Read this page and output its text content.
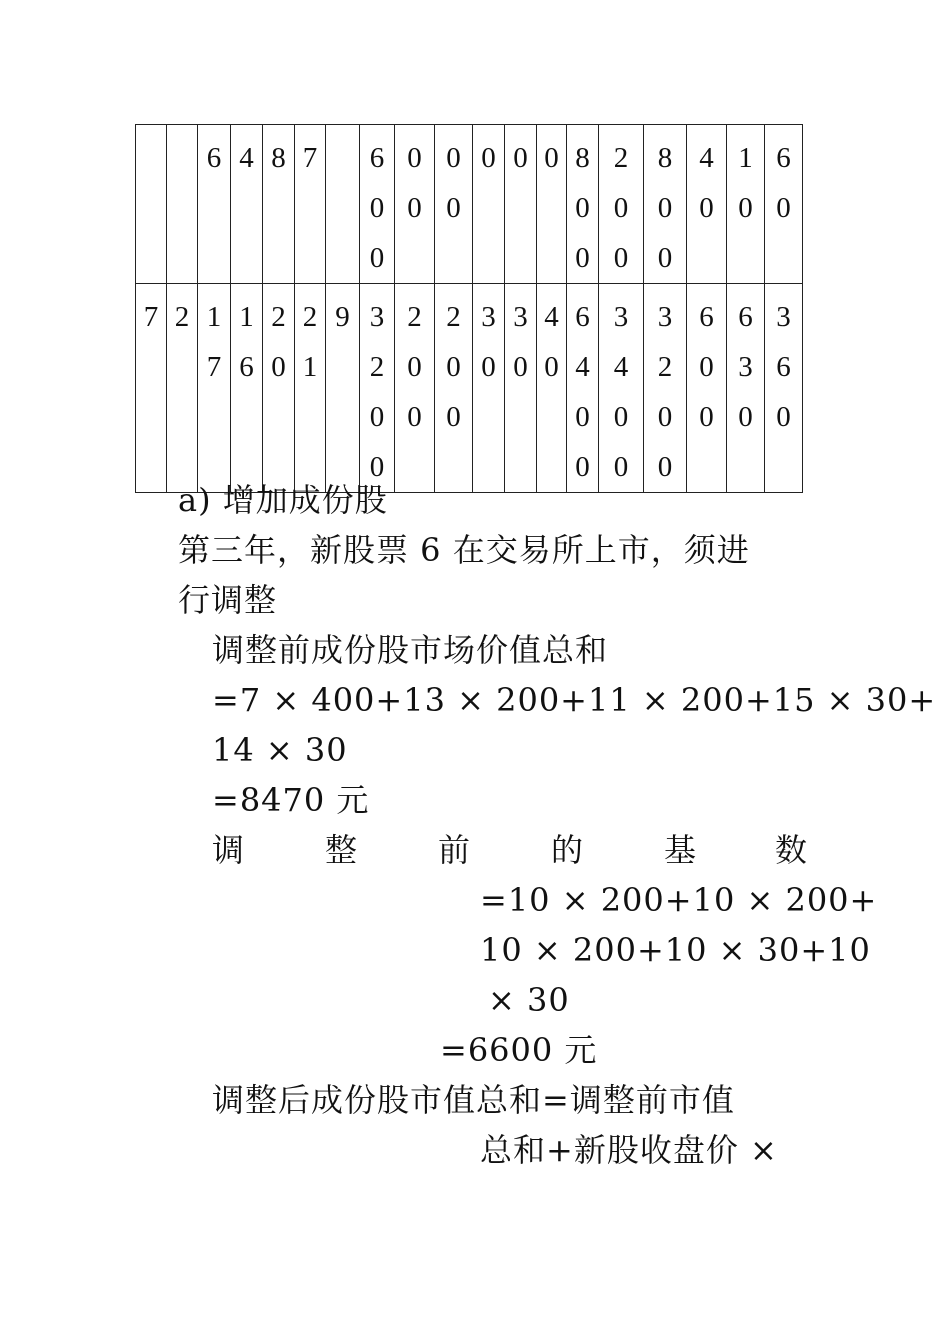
		6	4	8	7		600	00	00	0	0	0	800	200	800	40	10	60

7	2	17	16	20	21	9	3200	200	200	30	30	40	6400	3400	3200	600	630	360
a) 增加成份股
第三年，新股票 6 在交易所上市，须进
行调整
调整前成份股市场价值总和
=7 × 400+13 × 200+11 × 200+15 × 30+
14 × 30
=8470 元
调	整	前	的	基 数
=10 × 200+10 × 200+
10 × 200+10 × 30+10
× 30
=6600 元
调整后成份股市值总和=调整前市值
总和+新股收盘价 ×
